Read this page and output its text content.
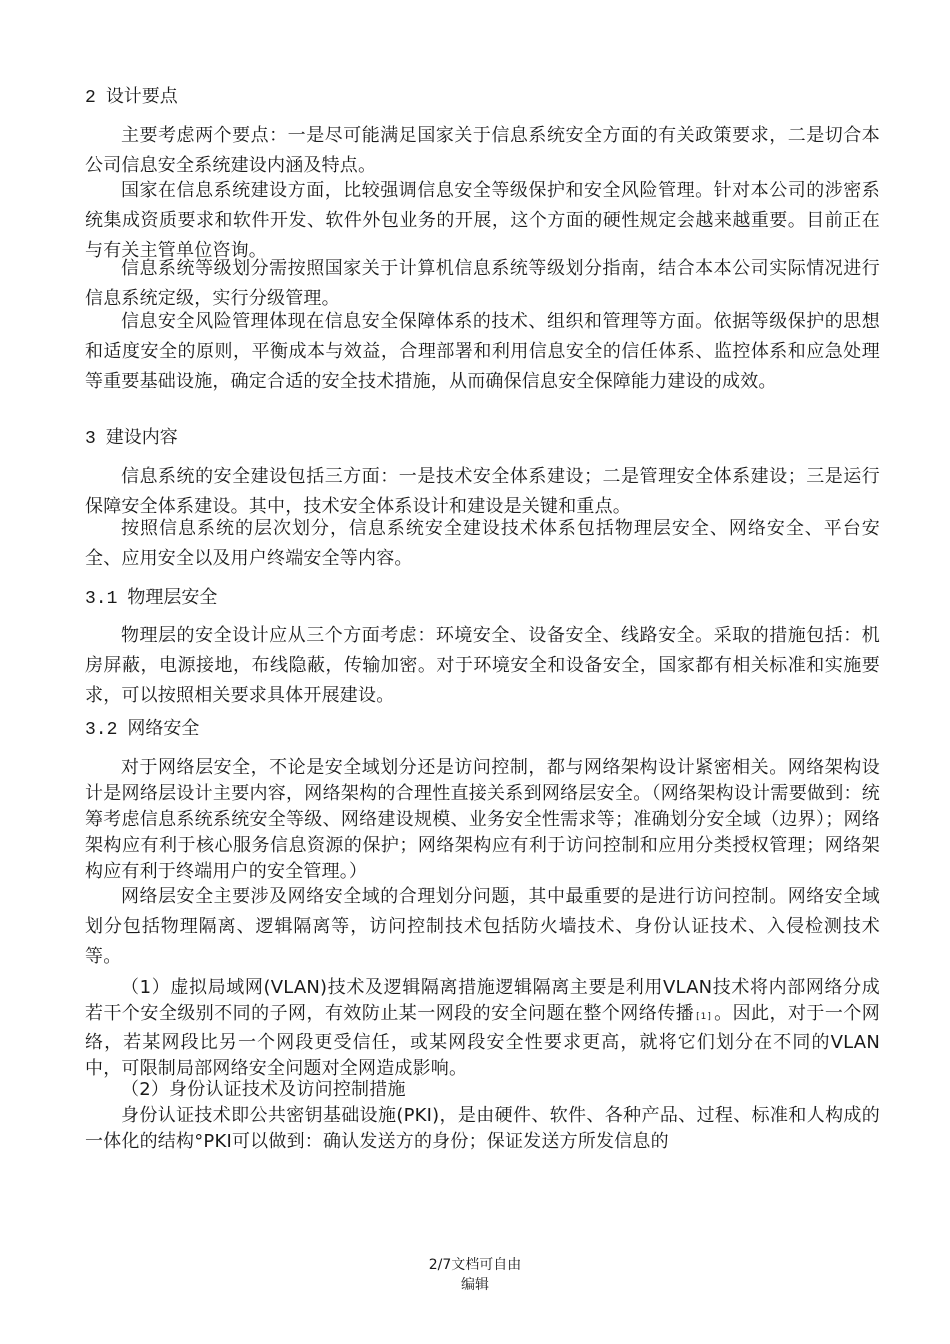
2 设计要点
主要考虑两个要点：一是尽可能满足国家关于信息系统安全方面的有关政策要求，二是切合本公司信息安全系统建设内涵及特点。
国家在信息系统建设方面，比较强调信息安全等级保护和安全风险管理。针对本公司的涉密系统集成资质要求和软件开发、软件外包业务的开展，这个方面的硬性规定会越来越重要。目前正在与有关主管单位咨询。
信息系统等级划分需按照国家关于计算机信息系统等级划分指南，结合本本公司实际情况进行信息系统定级，实行分级管理。
信息安全风险管理体现在信息安全保障体系的技术、组织和管理等方面。依据等级保护的思想和适度安全的原则，平衡成本与效益，合理部署和利用信息安全的信任体系、监控体系和应急处理等重要基础设施，确定合适的安全技术措施，从而确保信息安全保障能力建设的成效。
3 建设内容
信息系统的安全建设包括三方面：一是技术安全体系建设；二是管理安全体系建设；三是运行保障安全体系建设。其中，技术安全体系设计和建设是关键和重点。
按照信息系统的层次划分，信息系统安全建设技术体系包括物理层安全、网络安全、平台安全、应用安全以及用户终端安全等内容。
3.1 物理层安全
物理层的安全设计应从三个方面考虑：环境安全、设备安全、线路安全。采取的措施包括：机房屏蔽，电源接地，布线隐蔽，传输加密。对于环境安全和设备安全，国家都有相关标准和实施要求，可以按照相关要求具体开展建设。
3.2 网络安全
对于网络层安全，不论是安全域划分还是访问控制，都与网络架构设计紧密相关。网络架构设计是网络层设计主要内容，网络架构的合理性直接关系到网络层安全。（网络架构设计需要做到：统筹考虑信息系统系统安全等级、网络建设规模、业务安全性需求等；准确划分安全域（边界）；网络架构应有利于核心服务信息资源的保护；网络架构应有利于访问控制和应用分类授权管理；网络架构应有利于终端用户的安全管理。）
网络层安全主要涉及网络安全域的合理划分问题，其中最重要的是进行访问控制。网络安全域划分包括物理隔离、逻辑隔离等，访问控制技术包括防火墙技术、身份认证技术、入侵检测技术等。
（1）虚拟局域网(VLAN)技术及逻辑隔离措施逻辑隔离主要是利用VLAN技术将内部网络分成若干个安全级别不同的子网，有效防止某一网段的安全问题在整个网络传播 [1] 。因此，对于一个网络，若某网段比另一个网段更受信任，或某网段安全性要求更高，就将它们划分在不同的VLAN中，可限制局部网络安全问题对全网造成影响。
（2）身份认证技术及访问控制措施
身份认证技术即公共密钥基础设施(PKI)，是由硬件、软件、各种产品、过程、标准和人构成的一体化的结构°PKI可以做到：确认发送方的身份；保证发送方所发信息的
2/7文档可自由
编辑
